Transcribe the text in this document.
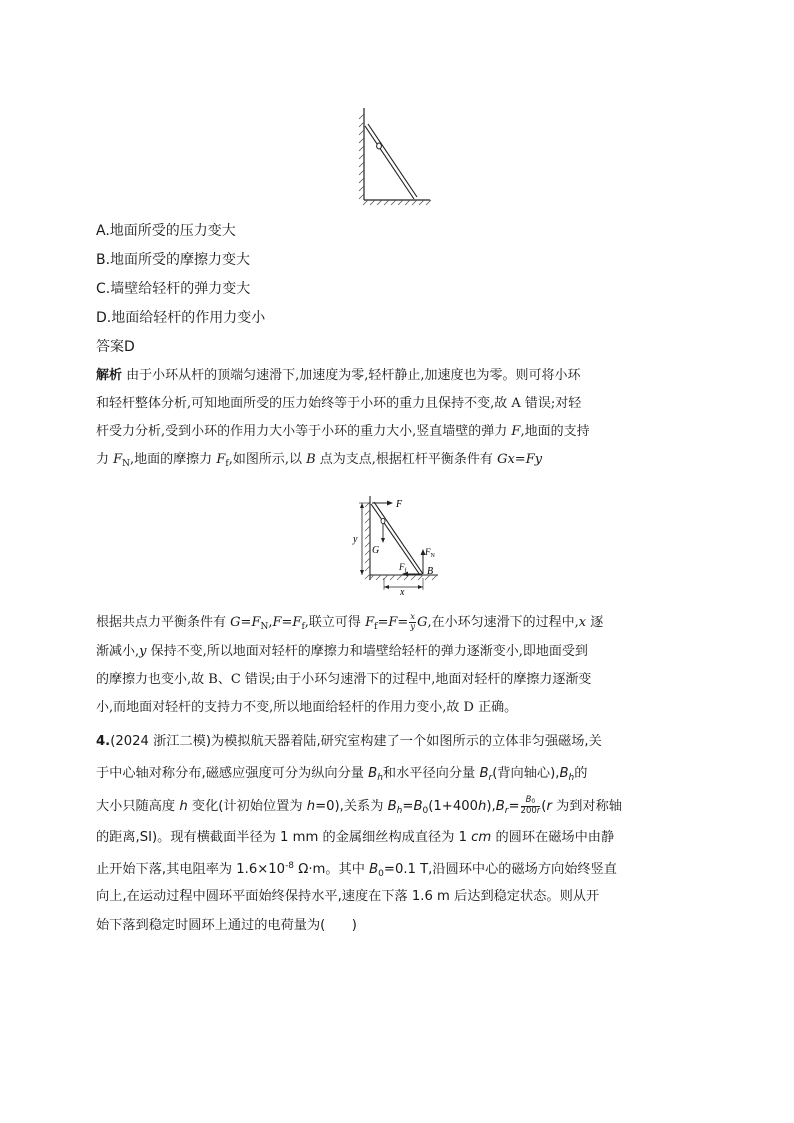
A.地面所受的压力变大
B.地面所受的摩擦力变大
C.墙壁给轻杆的弹力变大
D.地面给轻杆的作用力变小
答案D
解析 由于小环从杆的顶端匀速滑下,加速度为零,轻杆静止,加速度也为零。则可将小环
和轻杆整体分析,可知地面所受的压力始终等于小环的重力且保持不变,故 A 错误;对轻
杆受力分析,受到小环的作用力大小等于小环的重力大小,竖直墙壁的弹力 F,地面的支持
力 $F_N$,地面的摩擦力 $F_f$,如图所示,以 B 点为支点,根据杠杆平衡条件有 Gx=Fy
F
y
G	$F_N$
$F_f$ B
x
根据共点力平衡条件有 $G=F_N,F=F_f$,联立可得 $F_f=F= \frac{x}{y} G$,在小环匀速滑下的过程中,x 逐
渐减小,y 保持不变,所以地面对轻杆的摩擦力和墙壁给轻杆的弹力逐渐变小,即地面受到
的摩擦力也变小,故 B、C 错误;由于小环匀速滑下的过程中,地面对轻杆的摩擦力逐渐变
小,而地面对轻杆的支持力不变,所以地面给轻杆的作用力变小,故 D 正确。
4.(2024 浙江二模)为模拟航天器着陆,研究室构建了一个如图所示的立体非匀强磁场,关
于中心轴对称分布,磁感应强度可分为纵向分量 $B_h$和水平径向分量 $B_r$(背向轴心)$,B_h$的
大小只随高度 h 变化(计初始位置为 h=0),关系为 $B_h=B_0(1+400h),B_r= \frac{B_0}{200r} (r$ 为到对称轴
的距离,SI)。现有横截面半径为 1 mm 的金属细丝构成直径为 1 cm 的圆环在磁场中由静
止开始下落,其电阻率为 $1.6\times 10^{-8}$ Ω·m。其中 $B_0=0.1$ T,沿圆环中心的磁场方向始终竖直
向上,在运动过程中圆环平面始终保持水平,速度在下落 1.6 m 后达到稳定状态。则从开
始下落到稳定时圆环上通过的电荷量为(　　)
